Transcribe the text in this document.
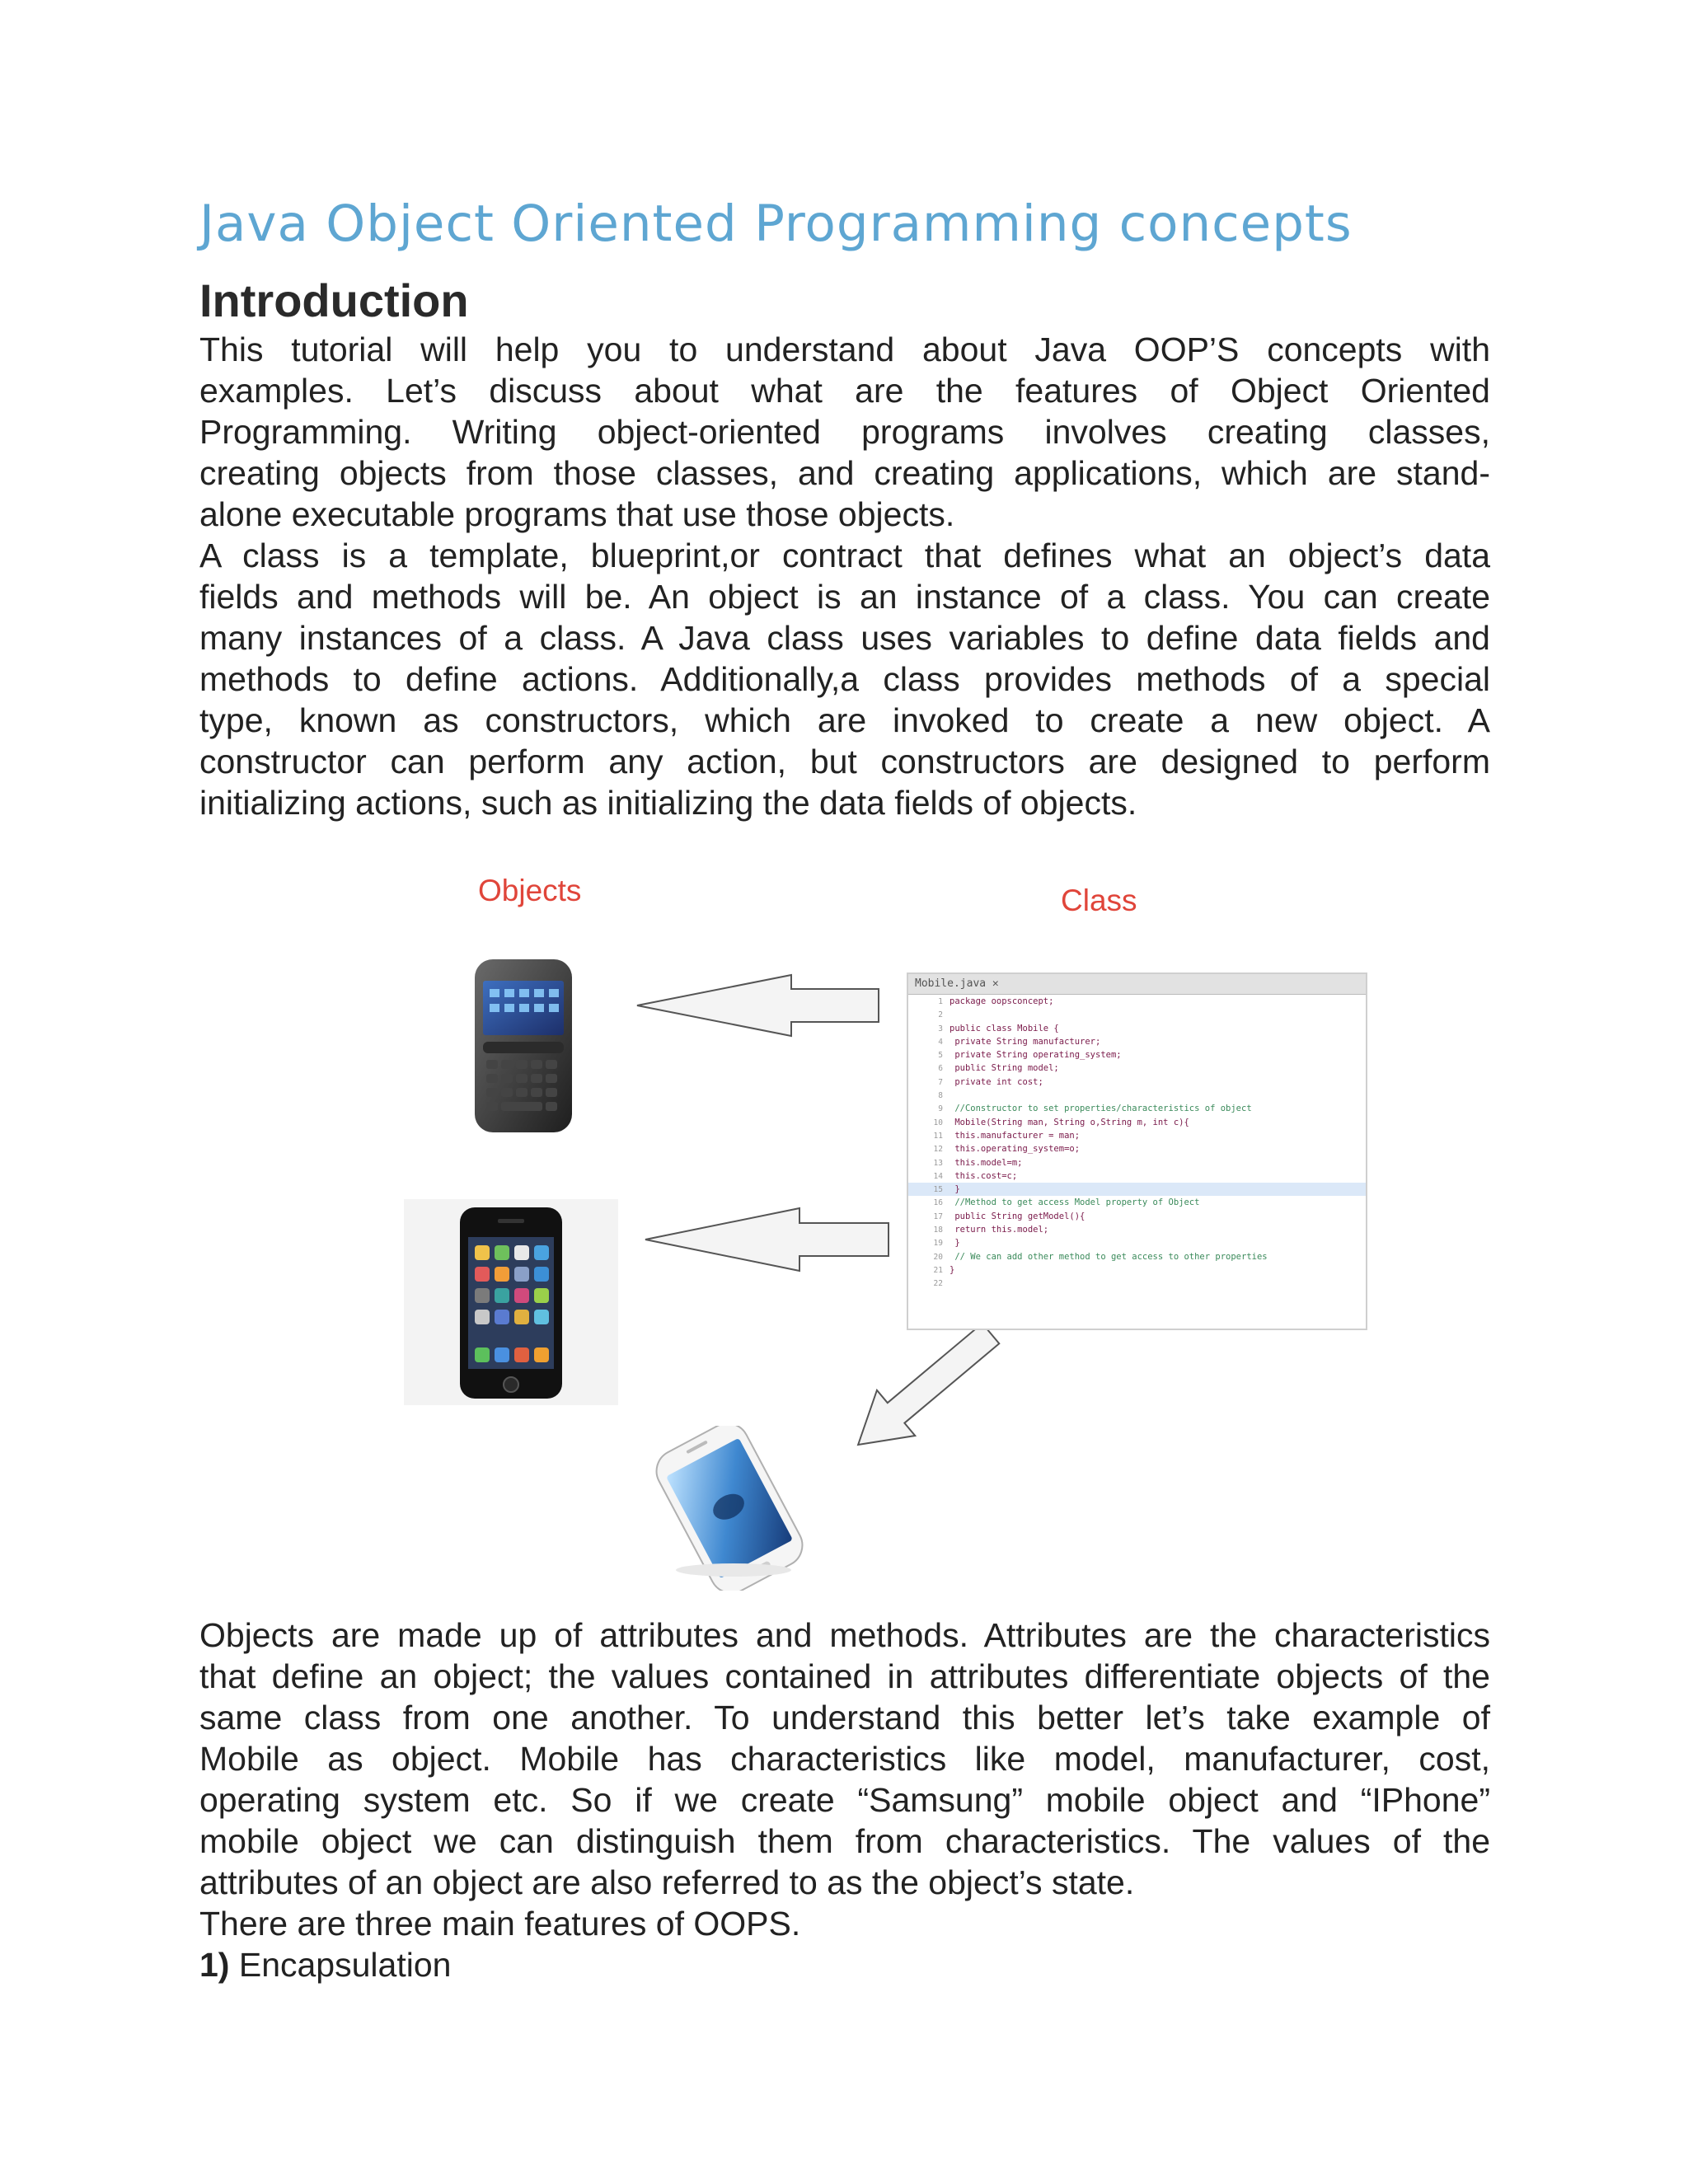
Java Object Oriented Programming concepts
Introduction
This tutorial will help you to understand about Java OOP’S concepts with
examples. Let’s discuss about what are the features of Object Oriented
Programming. Writing object-oriented programs involves creating classes,
creating objects from those classes, and creating applications, which are stand-
alone executable programs that use those objects.
A class is a template, blueprint,or contract that defines what an object’s data
fields and methods will be. An object is an instance of a class. You can create
many instances of a class. A Java class uses variables to define data fields and
methods to define actions. Additionally,a class provides methods of a special
type, known as constructors, which are invoked to create a new object. A
constructor can perform any action, but constructors are designed to perform
initializing actions, such as initializing the data fields of objects.
Objects	Class
Mobile.java ✕
1 package oopsconcept;
2
3 public class Mobile {
4 private String manufacturer;
5 private String operating_system;
6 public String model;
7 private int cost;
8
9 //Constructor to set properties/characteristics of object
10 Mobile(String man, String o,String m, int c){
11 this.manufacturer = man;
12 this.operating_system=o;
13 this.model=m;
14 this.cost=c;
15 }
16 //Method to get access Model property of Object
17 public String getModel(){
18 return this.model;
19 }
20 // We can add other method to get access to other properties
21 }
22
Objects are made up of attributes and methods. Attributes are the characteristics
that define an object; the values contained in attributes differentiate objects of the
same class from one another. To understand this better let’s take example of
Mobile as object. Mobile has characteristics like model, manufacturer, cost,
operating system etc. So if we create “Samsung” mobile object and “IPhone”
mobile object we can distinguish them from characteristics. The values of the
attributes of an object are also referred to as the object’s state.
There are three main features of OOPS.
1) Encapsulation
